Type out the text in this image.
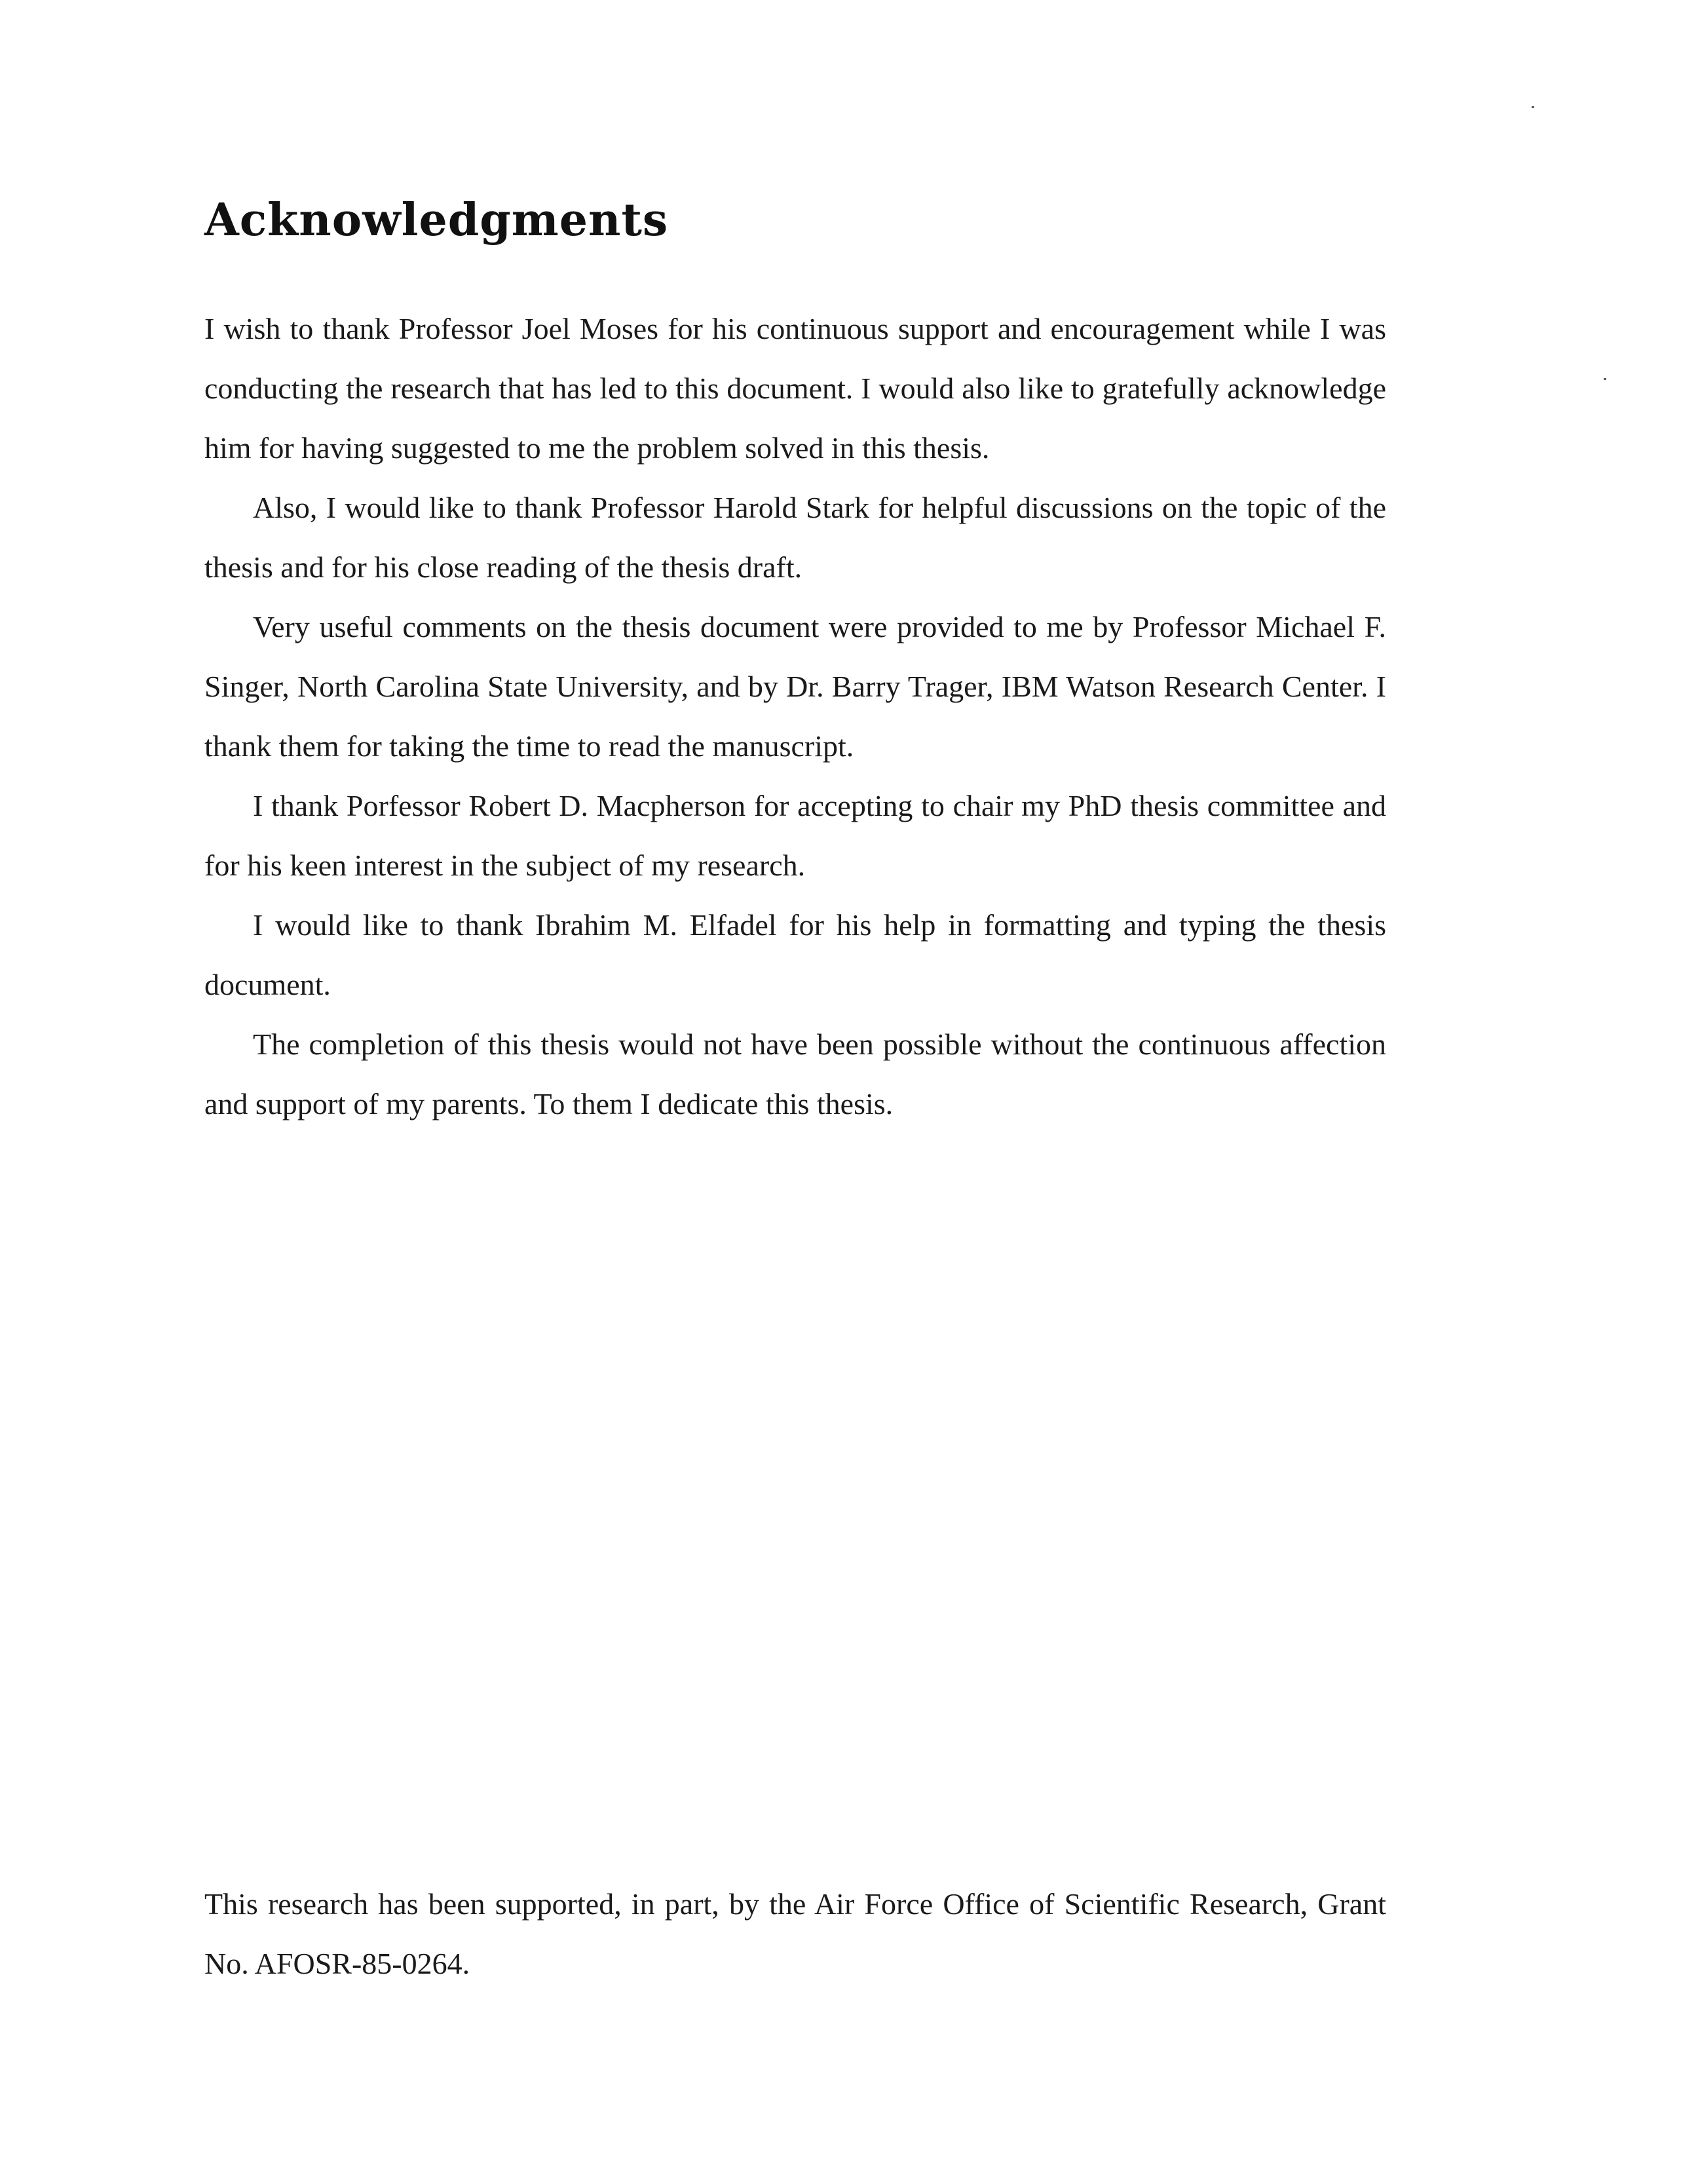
Acknowledgments

I wish to thank Professor Joel Moses for his continuous support and encouragement while I was conducting the research that has led to this document. I would also like to gratefully acknowledge him for having suggested to me the problem solved in this thesis.

Also, I would like to thank Professor Harold Stark for helpful discussions on the topic of the thesis and for his close reading of the thesis draft.

Very useful comments on the thesis document were provided to me by Professor Michael F. Singer, North Carolina State University, and by Dr. Barry Trager, IBM Watson Research Center. I thank them for taking the time to read the manuscript.

I thank Porfessor Robert D. Macpherson for accepting to chair my PhD thesis committee and for his keen interest in the subject of my research.

I would like to thank Ibrahim M. Elfadel for his help in formatting and typing the thesis document.

The completion of this thesis would not have been possible without the continuous affection and support of my parents. To them I dedicate this thesis.

This research has been supported, in part, by the Air Force Office of Scientific Research, Grant No. AFOSR-85-0264.
